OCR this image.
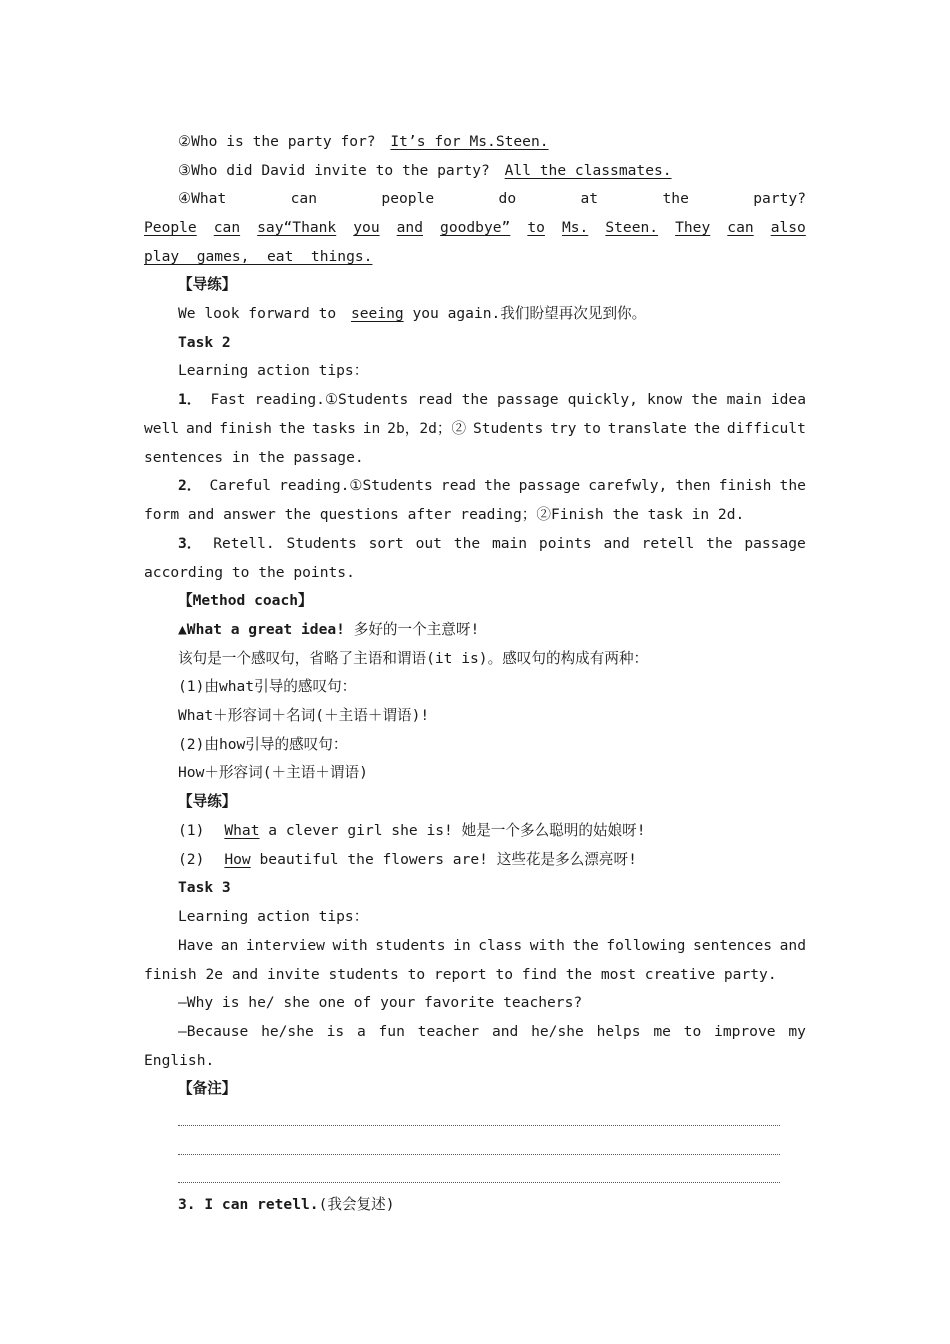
②Who is the party for? It’s for Ms.Steen.
③Who did David invite to the party? All the classmates.
④What	can	people	do	at	the	party?
People can say“Thank you and goodbye” to Ms. Steen. They can also
play  games,  eat  things.
【导练】
We look forward to seeing you again.我们盼望再次见到你。
Task 2
Learning action tips：
1． Fast reading.①Students read the passage quickly, know the main idea
well and finish the tasks in 2b，2d；② Students try to translate the difficult
sentences in the passage.
2． Careful reading.①Students read the passage carefwly, then finish the
form and answer the questions after reading；②Finish the task in 2d.
3． Retell. Students sort out the main points and retell the passage
according to the points.
【Method coach】
▲What a great idea! 多好的一个主意呀!
该句是一个感叹句，省略了主语和谓语(it is)。感叹句的构成有两种：
(1)由what引导的感叹句：
What＋形容词＋名词(＋主语＋谓语)!
(2)由how引导的感叹句：
How＋形容词(＋主语＋谓语)
【导练】
(1) What a clever girl she is! 她是一个多么聪明的姑娘呀!
(2) How beautiful the flowers are! 这些花是多么漂亮呀!
Task 3
Learning action tips：
Have an interview with students in class with the following sentences and
finish 2e and invite students to report to find the most creative party.
—Why is he/ she one of your favorite teachers?
—Because he/she is a fun teacher and he/she helps me to improve my
English.
【备注】
3. I can retell.(我会复述)
